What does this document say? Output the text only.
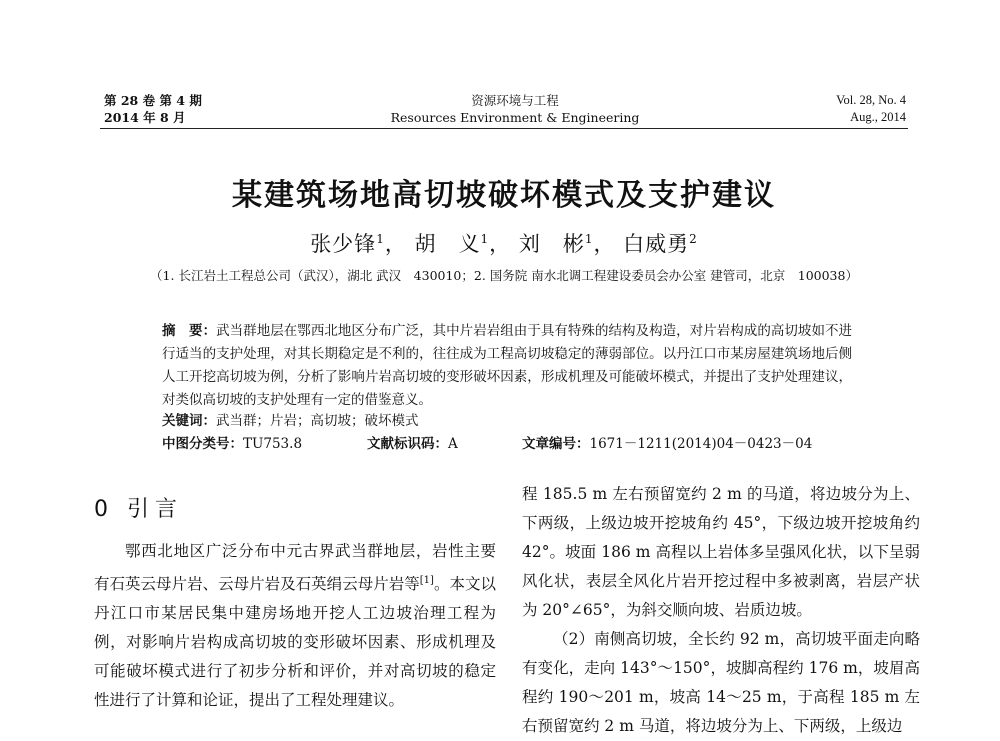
第 28 卷 第 4 期
2014 年 8 月
资源环境与工程
Resources Environment & Engineering
Vol. 28, No. 4
Aug., 2014
某建筑场地高切坡破坏模式及支护建议
张少锋$^1$， 胡　义$^1$， 刘　彬$^1$， 白威勇$^2$
（1. 长江岩土工程总公司（武汉），湖北 武汉　430010；2. 国务院 南水北调工程建设委员会办公室 建管司，北京　100038）
摘　要：武当群地层在鄂西北地区分布广泛，其中片岩岩组由于具有特殊的结构及构造，对片岩构成的高切坡如不进行适当的支护处理，对其长期稳定是不利的，往往成为工程高切坡稳定的薄弱部位。以丹江口市某房屋建筑场地后侧人工开挖高切坡为例，分析了影响片岩高切坡的变形破坏因素，形成机理及可能破坏模式，并提出了支护处理建议，对类似高切坡的支护处理有一定的借鉴意义。
关键词：武当群；片岩；高切坡；破坏模式
中图分类号：TU753.8	文献标识码：A	文章编号：1671－1211(2014)04－0423－04
0 引言

鄂西北地区广泛分布中元古界武当群地层，岩性主要有石英云母片岩、云母片岩及石英绢云母片岩等[1]。本文以丹江口市某居民集中建房场地开挖人工边坡治理工程为例，对影响片岩构成高切坡的变形破坏因素、形成机理及可能破坏模式进行了初步分析和评价，并对高切坡的稳定性进行了计算和论证，提出了工程处理建议。

程 185.5 m 左右预留宽约 2 m 的马道，将边坡分为上、下两级，上级边坡开挖坡角约 45°，下级边坡开挖坡角约 42°。坡面 186 m 高程以上岩体多呈强风化状，以下呈弱风化状，表层全风化片岩开挖过程中多被剥离，岩层产状为 20°∠65°，为斜交顺向坡、岩质边坡。

（2）南侧高切坡，全长约 92 m，高切坡平面走向略有变化，走向 143°～150°，坡脚高程约 176 m，坡眉高程约 190～201 m，坡高 14～25 m，于高程 185 m 左右预留宽约 2 m 马道，将边坡分为上、下两级，上级边
